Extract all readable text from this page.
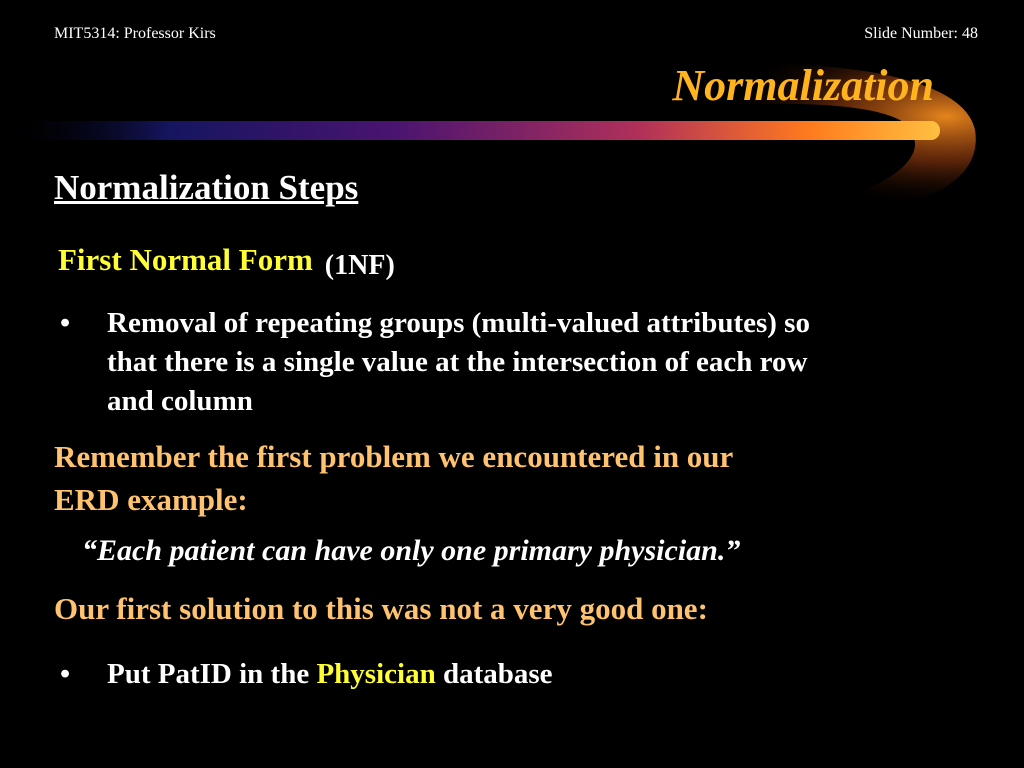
MIT5314: Professor Kirs	Slide Number: 48
Normalization
Normalization Steps
First Normal Form (1NF)
• Removal of repeating groups (multi-valued attributes) so that there is a single value at the intersection of each row and column
Remember the first problem we encountered in our
ERD example:
“Each patient can have only one primary physician.”
Our first solution to this was not a very good one:
• Put PatID in the Physician database
